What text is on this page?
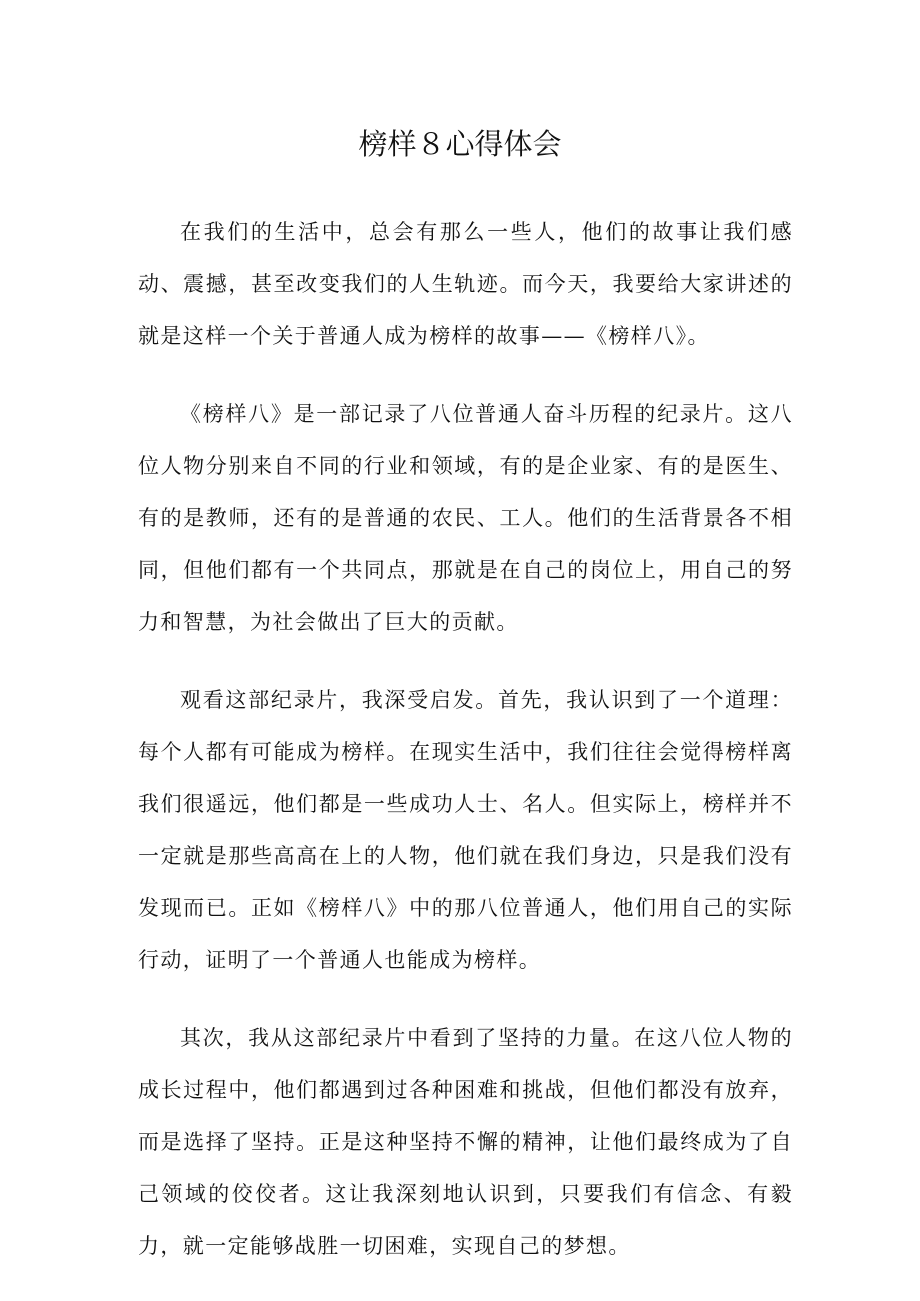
榜样８心得体会

在我们的生活中，总会有那么一些人，他们的故事让我们感动、震撼，甚至改变我们的人生轨迹。而今天，我要给大家讲述的就是这样一个关于普通人成为榜样的故事——《榜样八》。

《榜样八》是一部记录了八位普通人奋斗历程的纪录片。这八位人物分别来自不同的行业和领域，有的是企业家、有的是医生、有的是教师，还有的是普通的农民、工人。他们的生活背景各不相同，但他们都有一个共同点，那就是在自己的岗位上，用自己的努力和智慧，为社会做出了巨大的贡献。

观看这部纪录片，我深受启发。首先，我认识到了一个道理：每个人都有可能成为榜样。在现实生活中，我们往往会觉得榜样离我们很遥远，他们都是一些成功人士、名人。但实际上，榜样并不一定就是那些高高在上的人物，他们就在我们身边，只是我们没有发现而已。正如《榜样八》中的那八位普通人，他们用自己的实际行动，证明了一个普通人也能成为榜样。

其次，我从这部纪录片中看到了坚持的力量。在这八位人物的成长过程中，他们都遇到过各种困难和挑战，但他们都没有放弃，而是选择了坚持。正是这种坚持不懈的精神，让他们最终成为了自己领域的佼佼者。这让我深刻地认识到，只要我们有信念、有毅力，就一定能够战胜一切困难，实现自己的梦想。
